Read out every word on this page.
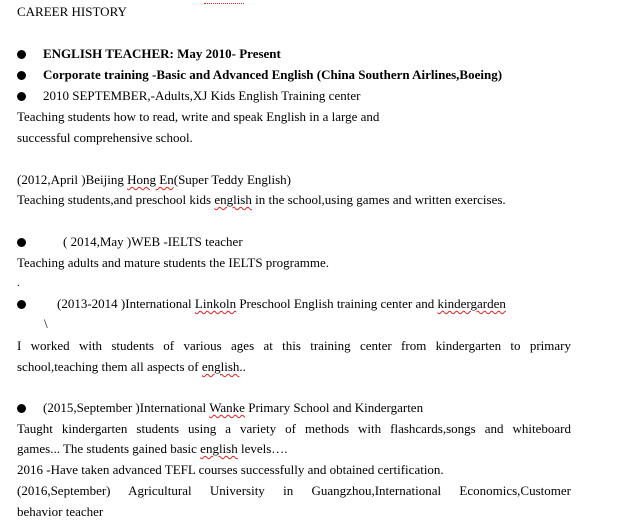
CAREER HISTORY
ENGLISH TEACHER: May 2010- Present
Corporate training -Basic and Advanced English (China Southern Airlines,Boeing)
2010 SEPTEMBER,-Adults,XJ Kids English Training center
Teaching students how to read, write and speak English in a large and
successful comprehensive school.
(2012,April )Beijing Hong En(Super Teddy English)
Teaching students,and preschool kids english in the school,using games and written exercises.
( 2014,May )WEB -IELTS teacher
Teaching adults and mature students the IELTS programme.
.
(2013-2014 )International Linkoln Preschool English training center and kindergarden
\
I worked with students of various ages at this training center from kindergarten to primary
school,teaching them all aspects of english..
(2015,September )International Wanke Primary School and Kindergarten
Taught kindergarten students using a variety of methods with flashcards,songs and whiteboard
games... The students gained basic english levels….
2016 -Have taken advanced TEFL courses successfully and obtained certification.
(2016,September) Agricultural University in Guangzhou,International Economics,Customer
behavior teacher
